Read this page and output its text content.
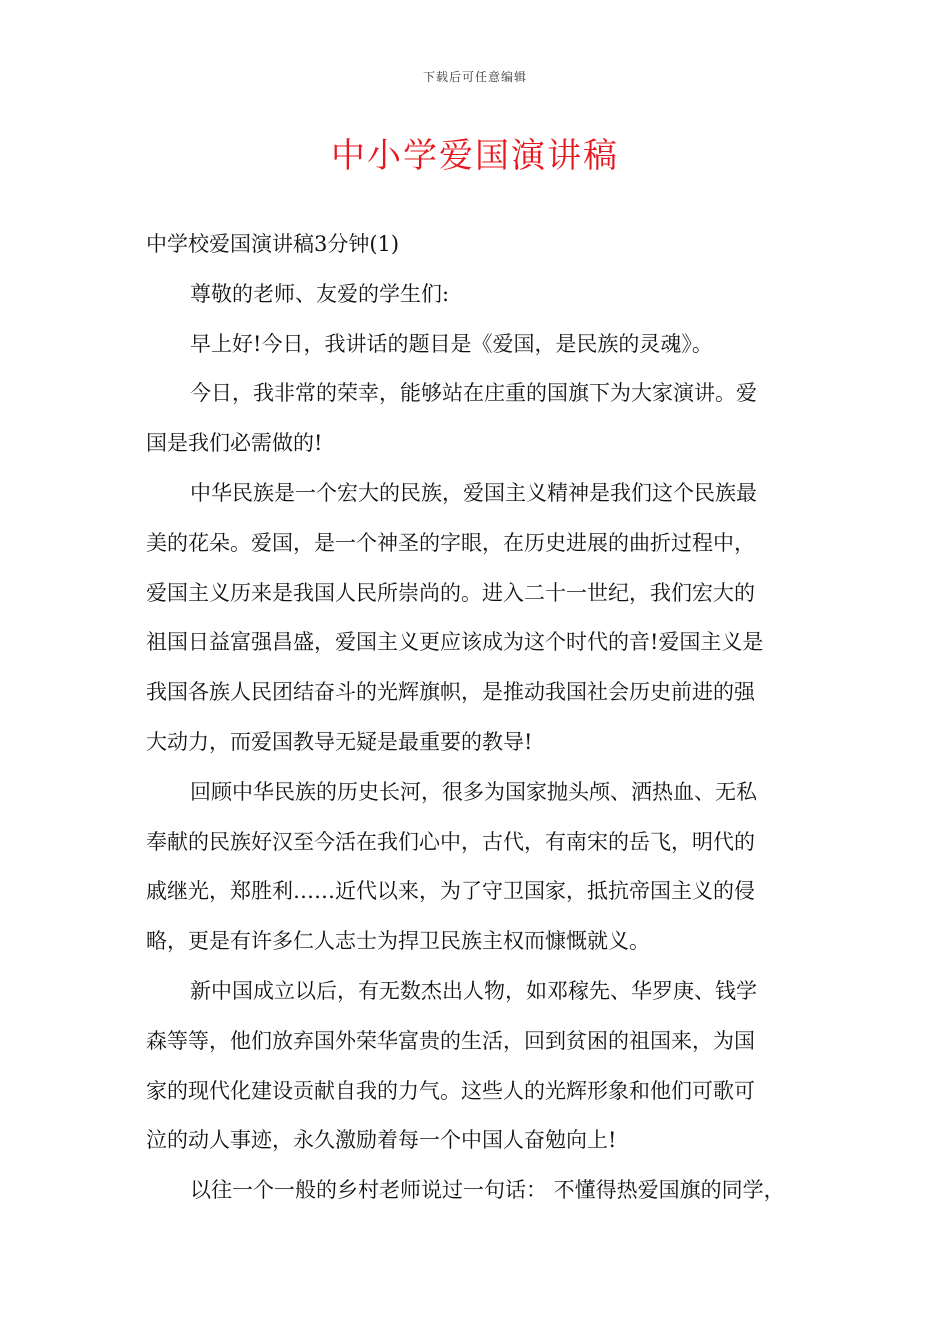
下载后可任意编辑
中小学爱国演讲稿
中学校爱国演讲稿3分钟(1)
尊敬的老师、友爱的学生们:
早上好!今日，我讲话的题目是《爱国，是民族的灵魂》。
今日，我非常的荣幸，能够站在庄重的国旗下为大家演讲。爱
国是我们必需做的!
中华民族是一个宏大的民族，爱国主义精神是我们这个民族最
美的花朵。爱国，是一个神圣的字眼，在历史进展的曲折过程中，
爱国主义历来是我国人民所崇尚的。进入二十一世纪，我们宏大的
祖国日益富强昌盛，爱国主义更应该成为这个时代的音!爱国主义是
我国各族人民团结奋斗的光辉旗帜，是推动我国社会历史前进的强
大动力，而爱国教导无疑是最重要的教导!
回顾中华民族的历史长河，很多为国家抛头颅、洒热血、无私
奉献的民族好汉至今活在我们心中，古代，有南宋的岳飞，明代的
戚继光，郑胜利……近代以来，为了守卫国家，抵抗帝国主义的侵
略，更是有许多仁人志士为捍卫民族主权而慷慨就义。
新中国成立以后，有无数杰出人物，如邓稼先、华罗庚、钱学
森等等，他们放弃国外荣华富贵的生活，回到贫困的祖国来，为国
家的现代化建设贡献自我的力气。这些人的光辉形象和他们可歌可
泣的动人事迹，永久激励着每一个中国人奋勉向上!
以往一个一般的乡村老师说过一句话： 不懂得热爱国旗的同学，
